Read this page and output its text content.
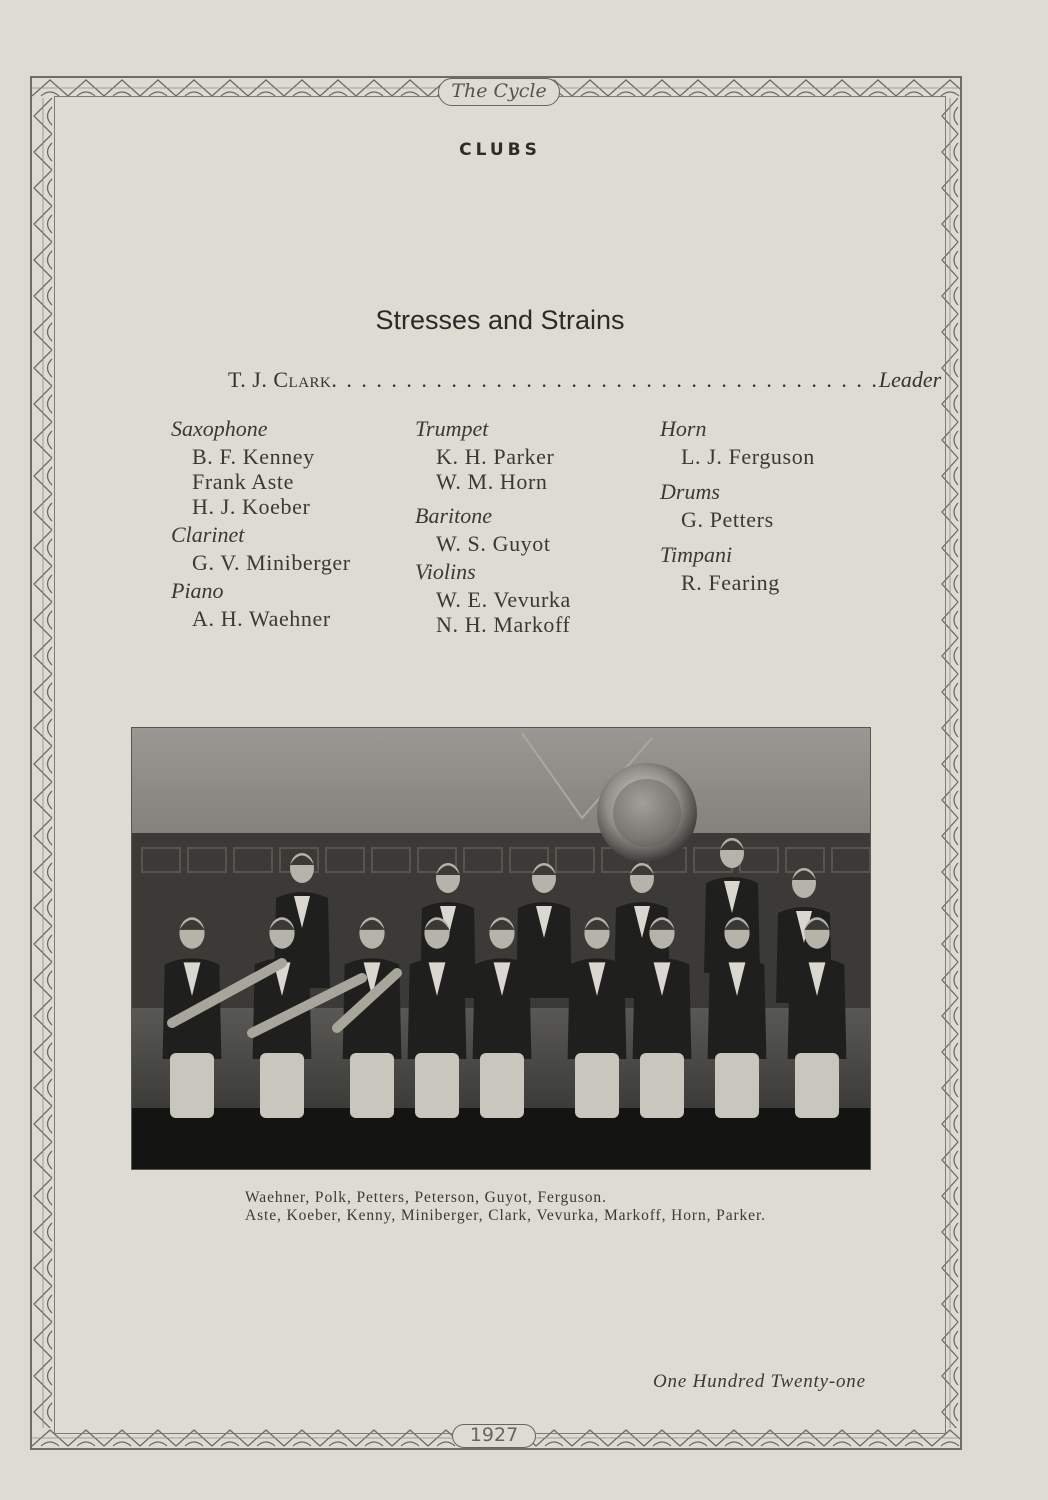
The Cycle
CLUBS
Stresses and Strains
T. J. Clark. . . . . . . . . . . . . . . . . . . . . . . . . . . . . . . . . . . . .Leader
Saxophone
B. F. Kenney
Frank Aste
H. J. Koeber
Clarinet
G. V. Miniberger
Piano
A. H. Waehner
Trumpet
K. H. Parker
W. M. Horn
Baritone
W. S. Guyot
Violins
W. E. Vevurka
N. H. Markoff
Horn
L. J. Ferguson
Drums
G. Petters
Timpani
R. Fearing
Waehner, Polk, Petters, Peterson, Guyot, Ferguson.
Aste, Koeber, Kenny, Miniberger, Clark, Vevurka, Markoff, Horn, Parker.
One Hundred Twenty-one
1927
